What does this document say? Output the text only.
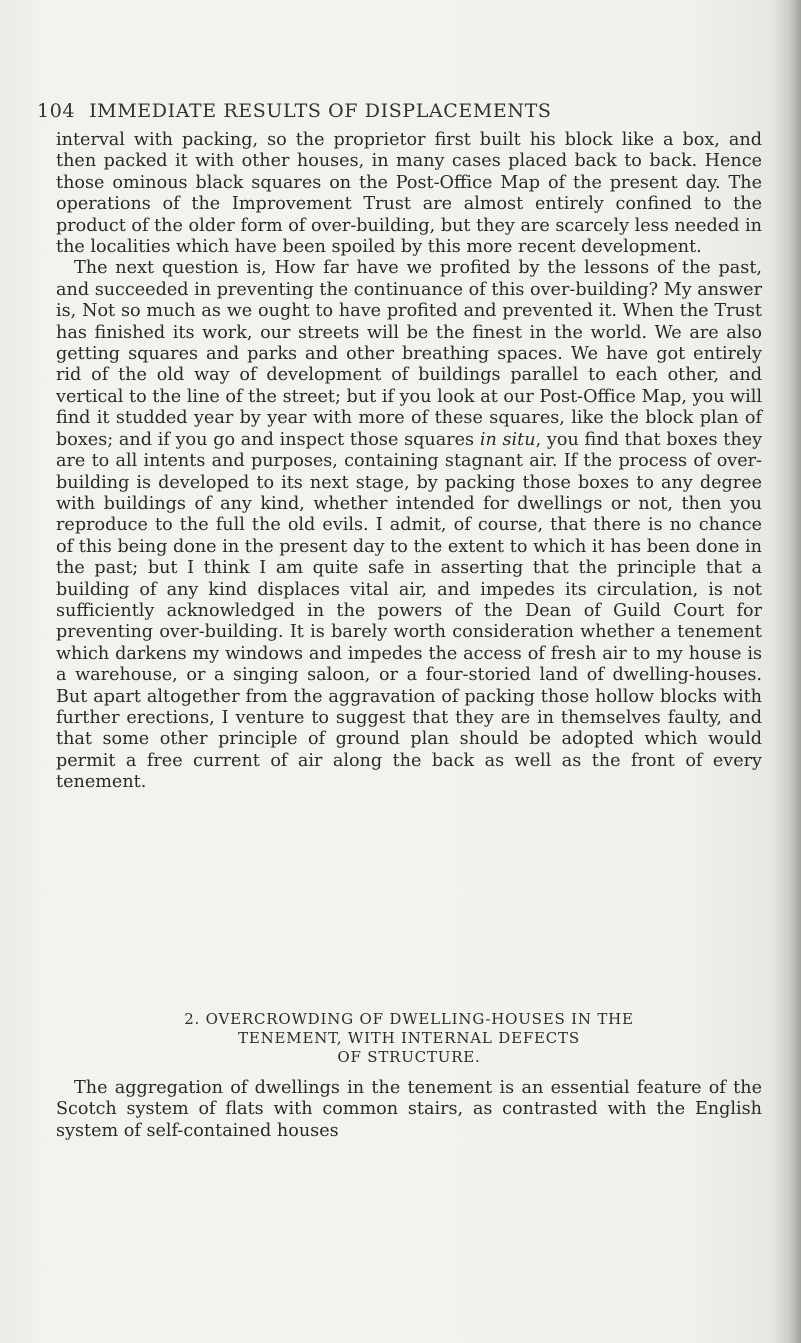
104 IMMEDIATE RESULTS OF DISPLACEMENTS

interval with packing, so the proprietor first built his block like a box, and then packed it with other houses, in many cases placed back to back. Hence those ominous black squares on the Post-Office Map of the present day. The operations of the Improvement Trust are almost entirely confined to the product of the older form of over-building, but they are scarcely less needed in the localities which have been spoiled by this more recent development.

The next question is, How far have we profited by the lessons of the past, and succeeded in preventing the continuance of this over-building? My answer is, Not so much as we ought to have profited and prevented it. When the Trust has finished its work, our streets will be the finest in the world. We are also getting squares and parks and other breathing spaces. We have got entirely rid of the old way of development of buildings parallel to each other, and vertical to the line of the street; but if you look at our Post-Office Map, you will find it studded year by year with more of these squares, like the block plan of boxes; and if you go and inspect those squares in situ, you find that boxes they are to all intents and purposes, containing stagnant air. If the process of over-building is developed to its next stage, by packing those boxes to any degree with buildings of any kind, whether intended for dwellings or not, then you reproduce to the full the old evils. I admit, of course, that there is no chance of this being done in the present day to the extent to which it has been done in the past; but I think I am quite safe in asserting that the principle that a building of any kind displaces vital air, and impedes its circulation, is not sufficiently acknowledged in the powers of the Dean of Guild Court for preventing over-building. It is barely worth consideration whether a tenement which darkens my windows and impedes the access of fresh air to my house is a warehouse, or a singing saloon, or a four-storied land of dwelling-houses. But apart altogether from the aggravation of packing those hollow blocks with further erections, I venture to suggest that they are in themselves faulty, and that some other principle of ground plan should be adopted which would permit a free current of air along the back as well as the front of every tenement.

2. OVERCROWDING OF DWELLING-HOUSES IN THE
TENEMENT, WITH INTERNAL DEFECTS
OF STRUCTURE.

The aggregation of dwellings in the tenement is an essential feature of the Scotch system of flats with common stairs, as contrasted with the English system of self-contained houses
